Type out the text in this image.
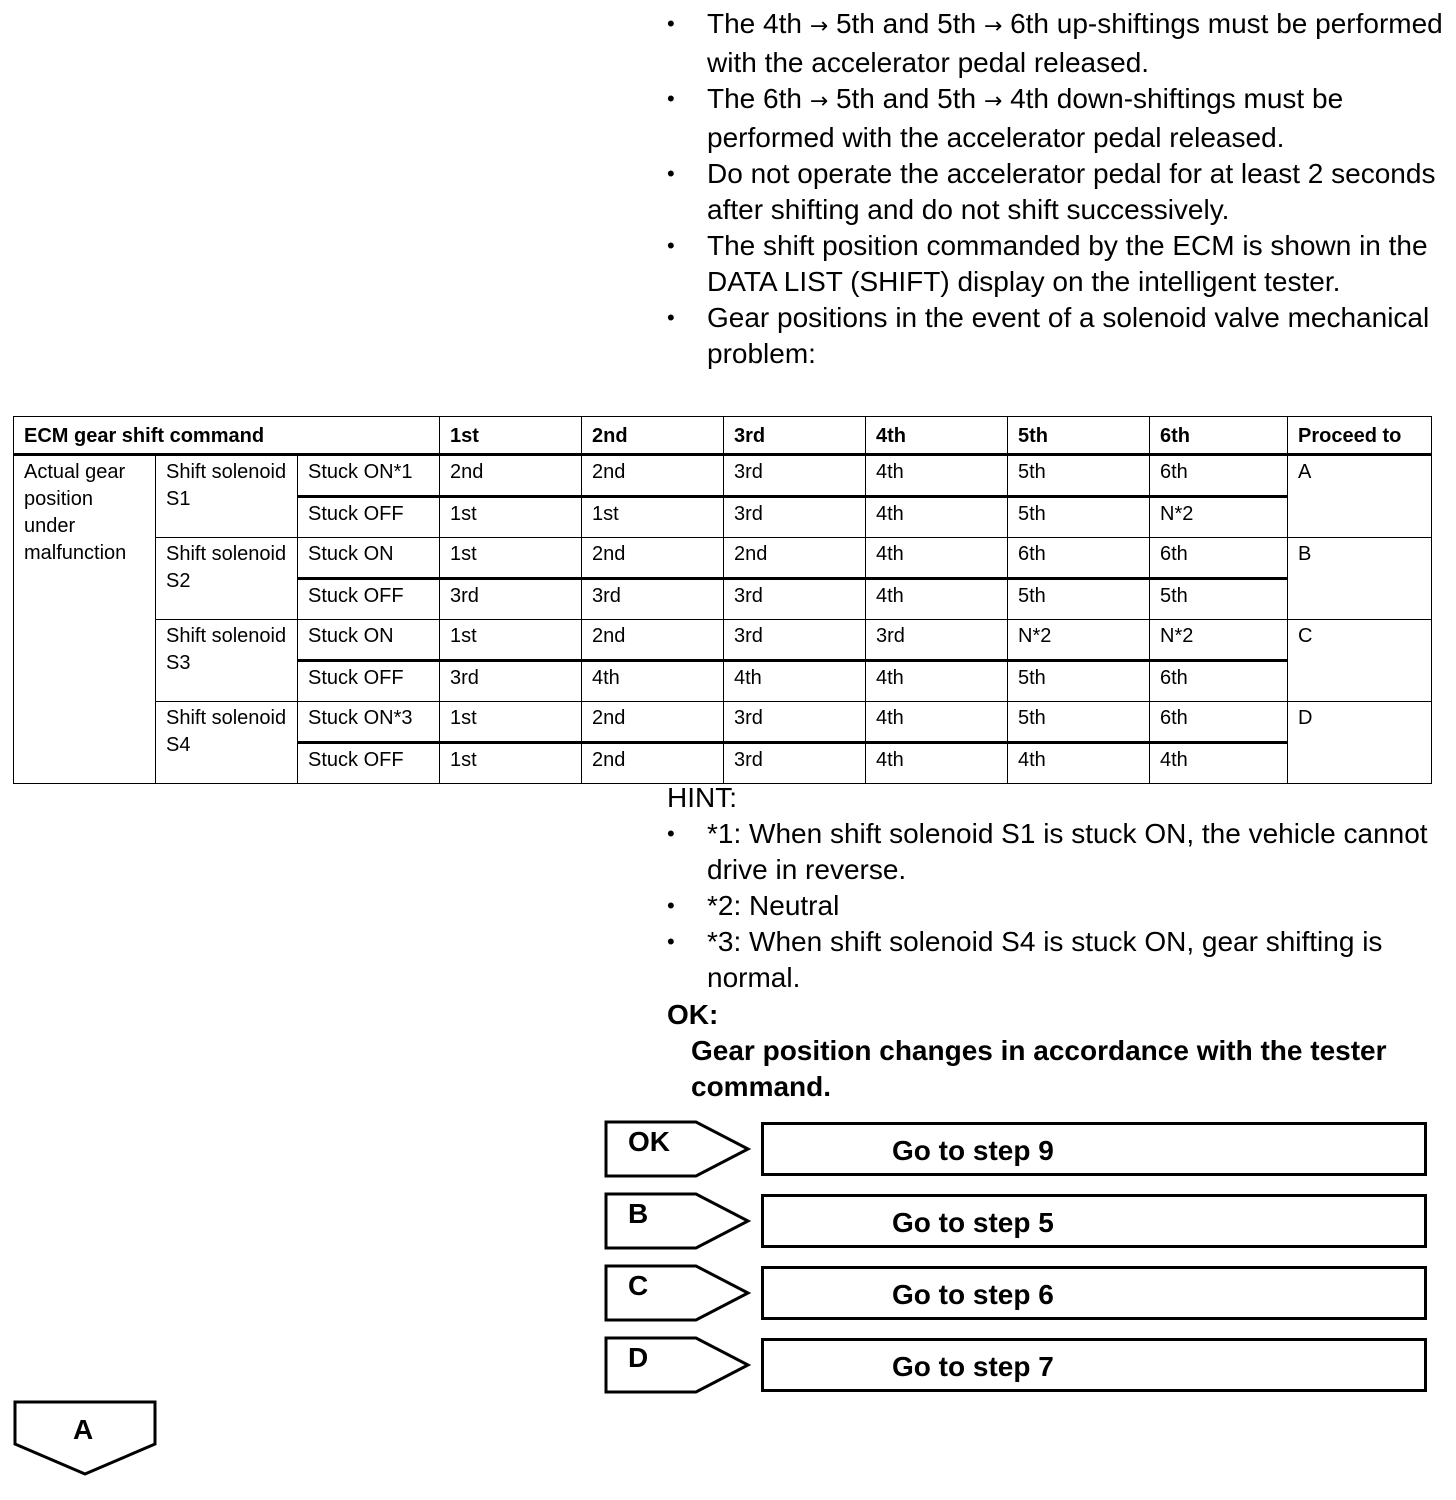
•	The 4th → 5th and 5th → 6th up-shiftings must be performed with the accelerator pedal released.
•	The 6th → 5th and 5th → 4th down-shiftings must be performed with the accelerator pedal released.
•	Do not operate the accelerator pedal for at least 2 seconds after shifting and do not shift successively.
•	The shift position commanded by the ECM is shown in the DATA LIST (SHIFT) display on the intelligent tester.
•	Gear positions in the event of a solenoid valve mechanical problem:
ECM gear shift command			1st	2nd	3rd	4th	5th	6th	Proceed to
Actual gear position under malfunction	Shift solenoid S1	Stuck ON*1	2nd	2nd	3rd	4th	5th	6th	A
		Stuck OFF	1st	1st	3rd	4th	5th	N*2	
	Shift solenoid S2	Stuck ON	1st	2nd	2nd	4th	6th	6th	B
		Stuck OFF	3rd	3rd	3rd	4th	5th	5th	
	Shift solenoid S3	Stuck ON	1st	2nd	3rd	3rd	N*2	N*2	C
		Stuck OFF	3rd	4th	4th	4th	5th	6th	
	Shift solenoid S4	Stuck ON*3	1st	2nd	3rd	4th	5th	6th	D
		Stuck OFF	1st	2nd	3rd	4th	4th	4th	
HINT:
•	*1: When shift solenoid S1 is stuck ON, the vehicle cannot drive in reverse.
•	*2: Neutral
•	*3: When shift solenoid S4 is stuck ON, gear shifting is normal.
OK:
Gear position changes in accordance with the tester command.
OK	Go to step 9
B	Go to step 5
C	Go to step 6
D	Go to step 7
A
